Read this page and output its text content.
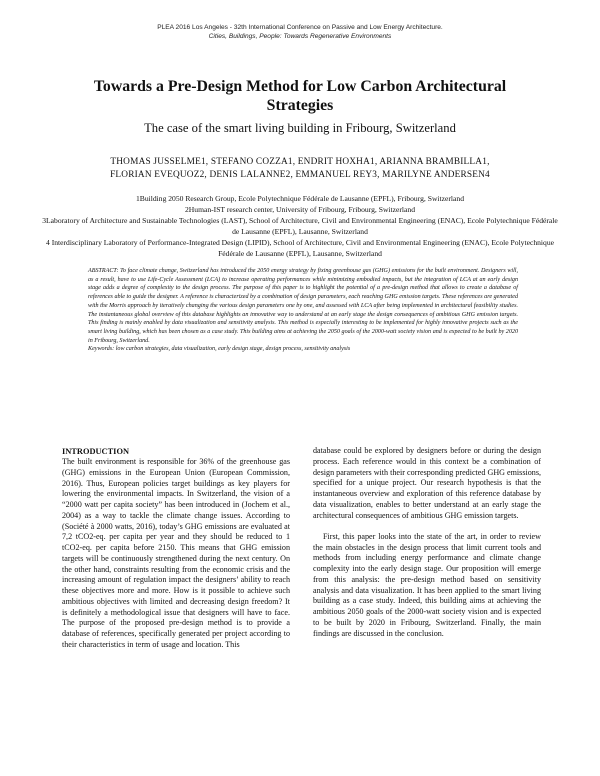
PLEA 2016 Los Angeles - 32th International Conference on Passive and Low Energy Architecture.
Cities, Buildings, People: Towards Regenerative Environments
Towards a Pre-Design Method for Low Carbon Architectural Strategies
The case of the smart living building in Fribourg, Switzerland
THOMAS JUSSELME1, STEFANO COZZA1, ENDRIT HOXHA1, ARIANNA BRAMBILLA1,
FLORIAN EVEQUOZ2, DENIS LALANNE2, EMMANUEL REY3, MARILYNE ANDERSEN4
1Building 2050 Research Group, Ecole Polytechnique Fédérale de Lausanne (EPFL), Fribourg, Switzerland
2Human-IST research center, University of Fribourg, Fribourg, Switzerland
3Laboratory of Architecture and Sustainable Technologies (LAST), School of Architecture, Civil and Environmental Engineering (ENAC), Ecole Polytechnique Fédérale de Lausanne (EPFL), Lausanne, Switzerland
4 Interdisciplinary Laboratory of Performance-Integrated Design (LIPID), School of Architecture, Civil and Environmental Engineering (ENAC), Ecole Polytechnique Fédérale de Lausanne (EPFL), Lausanne, Switzerland

ABSTRACT: To face climate change, Switzerland has introduced the 2050 energy strategy by fixing greenhouse gas (GHG) emissions for the built environment. Designers will, as a result, have to use Life-Cycle Assessment (LCA) to increase operating performances while minimizing embodied impacts, but the integration of LCA at an early design stage adds a degree of complexity to the design process. The purpose of this paper is to highlight the potential of a pre-design method that allows to create a database of references able to guide the designer. A reference is characterized by a combination of design parameters, each reaching GHG emission targets. These references are generated with the Morris approach by iteratively changing the various design parameters one by one, and assessed with LCA after being implemented in architectural feasibility studies. The instantaneous global overview of this database highlights an innovative way to understand at an early stage the design consequences of ambitious GHG emission targets. This finding is mainly enabled by data visualization and sensitivity analysis. This method is especially interesting to be implemented for highly innovative projects such as the smart living building, which has been chosen as a case study. This building aims at achieving the 2050 goals of the 2000-watt society vision and is expected to be built by 2020 in Fribourg, Switzerland.

Keywords: low carbon strategies, data visualization, early design stage, design process, sensitivity analysis

INTRODUCTION

The built environment is responsible for 36% of the greenhouse gas (GHG) emissions in the European Union (European Commission, 2016). Thus, European policies target buildings as key players for lowering the environmental impacts. In Switzerland, the vision of a “2000 watt per capita society” has been introduced in (Jochem et al., 2004) as a way to tackle the climate change issues. According to (Société à 2000 watts, 2016), today’s GHG emissions are evaluated at 7,2 tCO2-eq. per capita per year and they should be reduced to 1 tCO2-eq. per capita before 2150. This means that GHG emission targets will be continuously strengthened during the next century. On the other hand, constraints resulting from the economic crisis and the increasing amount of regulation impact the designers’ ability to reach these objectives more and more. How is it possible to achieve such ambitious objectives with limited and decreasing design freedom? It is definitely a methodological issue that designers will have to face. The purpose of the proposed pre-design method is to provide a database of references, specifically generated per project according to their characteristics in term of usage and location. This

database could be explored by designers before or during the design process. Each reference would in this context be a combination of design parameters with their corresponding predicted GHG emissions, specified for a unique project. Our research hypothesis is that the instantaneous overview and exploration of this reference database by data visualization, enables to better understand at an early stage the architectural consequences of ambitious GHG emission targets.

First, this paper looks into the state of the art, in order to review the main obstacles in the design process that limit current tools and methods from including energy performance and climate change complexity into the early design stage. Our proposition will emerge from this analysis: the pre-design method based on sensitivity analysis and data visualization. It has been applied to the smart living building as a case study. Indeed, this building aims at achieving the ambitious 2050 goals of the 2000-watt society vision and is expected to be built by 2020 in Fribourg, Switzerland. Finally, the main findings are discussed in the conclusion.
